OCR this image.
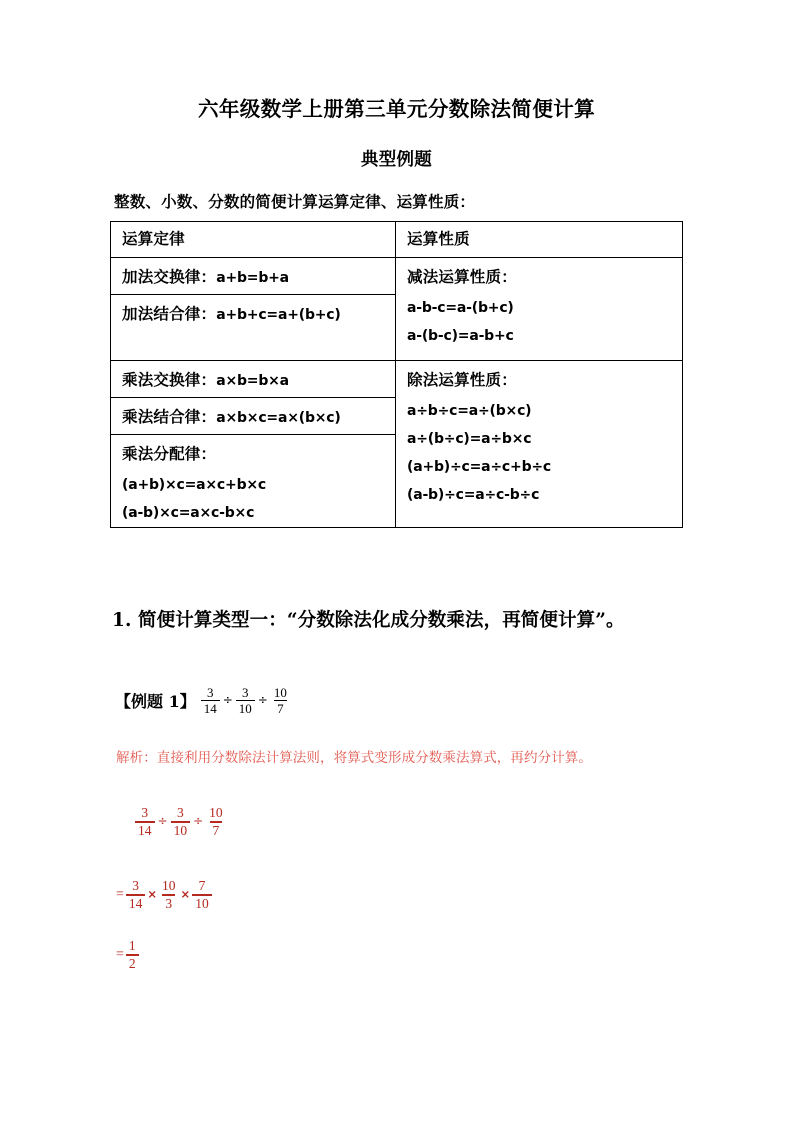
六年级数学上册第三单元分数除法简便计算
典型例题
整数、小数、分数的简便计算运算定律、运算性质：
运算定律	运算性质

加法交换律：a+b=b+a	减法运算性质：
a-b-c=a-(b+c)
a-(b-c)=a-b+c

加法结合律：a+b+c=a+(b+c)	

乘法交换律：a×b=b×a	除法运算性质：
a÷b÷c=a÷(b×c)
a÷(b÷c)=a÷b×c
(a+b)÷c=a÷c+b÷c
(a-b)÷c=a÷c-b÷c

乘法结合律：a×b×c=a×(b×c)	

乘法分配律：
(a+b)×c=a×c+b×c
(a-b)×c=a×c-b×c	
1. 简便计算类型一：“分数除法化成分数乘法，再简便计算”。
【例题 1】 $\frac{3}{14} \div \frac{3}{10} \div \frac{10}{7}$
解析：直接利用分数除法计算法则，将算式变形成分数乘法算式，再约分计算。
$\frac{3}{14} \div \frac{3}{10} \div \frac{10}{7}$
= $\frac{3}{14} \times \frac{10}{3} \times \frac{7}{10}$
= $\frac{1}{2}$
